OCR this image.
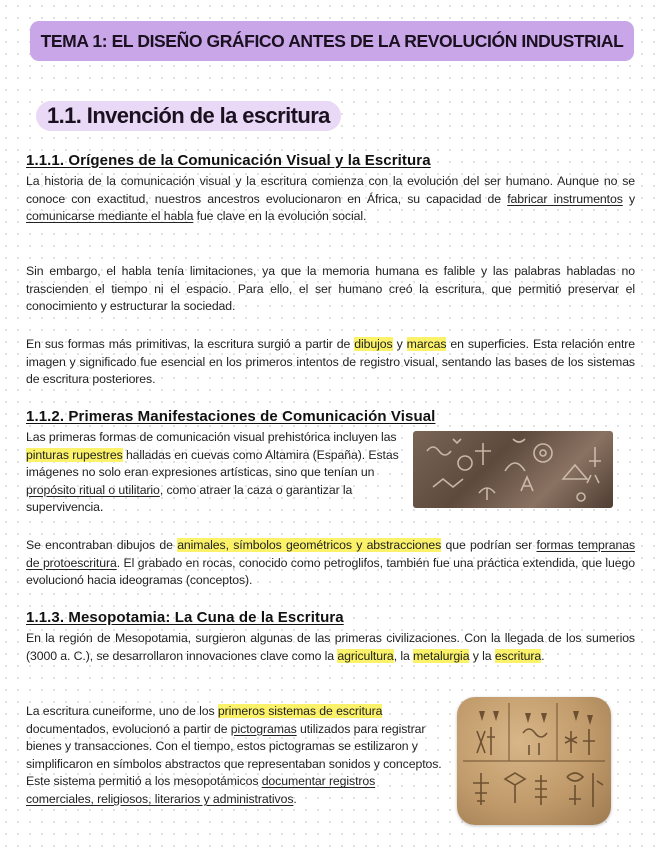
TEMA 1: EL DISEÑO GRÁFICO ANTES DE LA REVOLUCIÓN INDUSTRIAL
1.1. Invención de la escritura
1.1.1. Orígenes de la Comunicación Visual y la Escritura

La historia de la comunicación visual y la escritura comienza con la evolución del ser humano. Aunque no se conoce con exactitud, nuestros ancestros evolucionaron en África, su capacidad de fabricar instrumentos y comunicarse mediante el habla fue clave en la evolución social.

Sin embargo, el habla tenía limitaciones, ya que la memoria humana es falible y las palabras habladas no trascienden el tiempo ni el espacio. Para ello, el ser humano creó la escritura, que permitió preservar el conocimiento y estructurar la sociedad.

En sus formas más primitivas, la escritura surgió a partir de dibujos y marcas en superficies. Esta relación entre imagen y significado fue esencial en los primeros intentos de registro visual, sentando las bases de los sistemas de escritura posteriores.

1.1.2. Primeras Manifestaciones de Comunicación Visual

Las primeras formas de comunicación visual prehistórica incluyen las pinturas rupestres halladas en cuevas como Altamira (España). Estas imágenes no solo eran expresiones artísticas, sino que tenían un propósito ritual o utilitario, como atraer la caza o garantizar la supervivencia.

Se encontraban dibujos de animales, símbolos geométricos y abstracciones que podrían ser formas tempranas de protoescritura. El grabado en rocas, conocido como petroglifos, también fue una práctica extendida, que luego evolucionó hacia ideogramas (conceptos).

1.1.3. Mesopotamia: La Cuna de la Escritura

En la región de Mesopotamia, surgieron algunas de las primeras civilizaciones. Con la llegada de los sumerios (3000 a. C.), se desarrollaron innovaciones clave como la agricultura, la metalurgia y la escritura.

La escritura cuneiforme, uno de los primeros sistemas de escritura documentados, evolucionó a partir de pictogramas utilizados para registrar bienes y transacciones. Con el tiempo, estos pictogramas se estilizaron y simplificaron en símbolos abstractos que representaban sonidos y conceptos. Este sistema permitió a los mesopotámicos documentar registros comerciales, religiosos, literarios y administrativos.
